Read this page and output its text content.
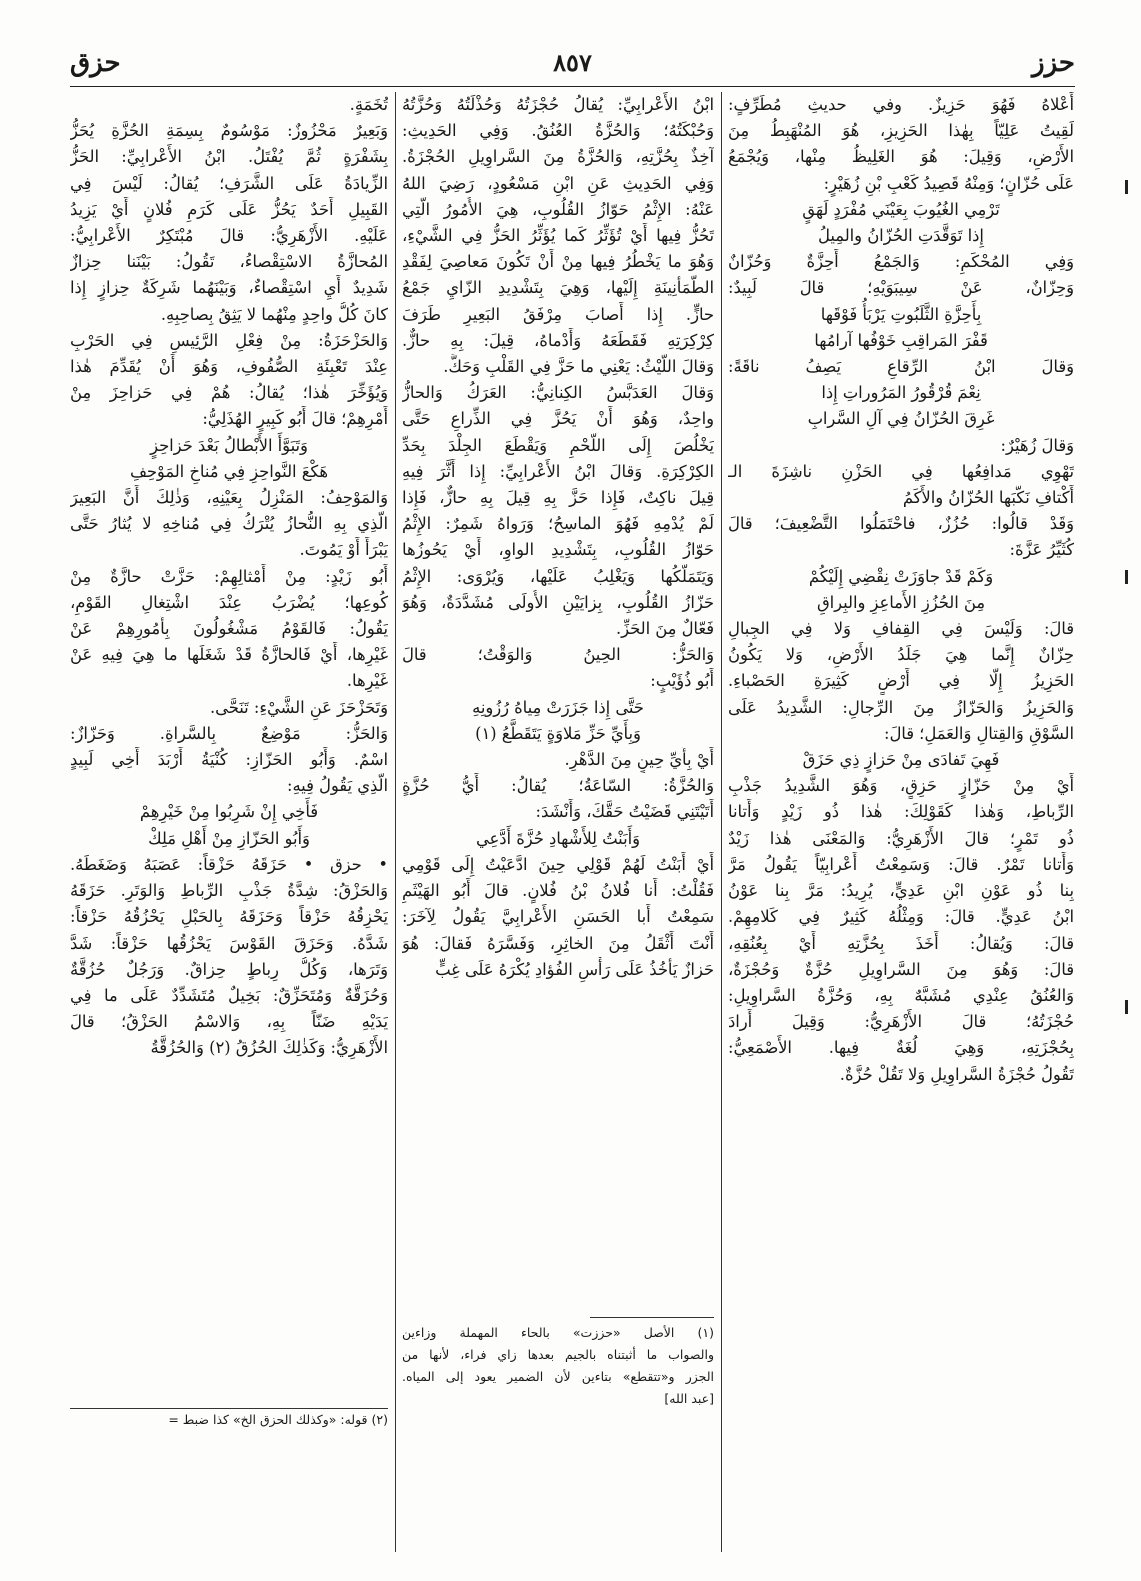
حزز
٨٥٧
حزق
أَعْلاهُ فَهُوَ حَزِيزٌ. وفي حديثِ مُطَرِّفٍ:
لَقِيتُ عَلِيّاً بِهٰذا الحَزِيزِ، هُوَ المُنْهَبِطُ مِنَ
الأَرْضِ، وَقِيلَ: هُوَ الغَلِيظُ مِنْها، وَيُجْمَعُ
عَلَى حُزّانٍ؛ وَمِنْهُ قَصِيدُ كَعْبِ بْنِ زُهَيْرٍ:
تَرْمِي الغُيُوبَ بِعَيْنَي مُفْرَدٍ لَهَقٍ
إِذا تَوَقَّدَتِ الحُزّانُ والمِيلُ
وَفِي المُحْكَمِ: وَالجَمْعُ أَحِزَّةٌ وَحُزّانٌ
وَحِزّانٌ، عَنْ سِيبَوَيْهِ؛ قالَ لَبِيدٌ:
بِأَحِزَّةِ الثَّلَبُوتِ يَرْبَأُ فَوْقَها
قَفْرَ المَراقِبِ خَوْفُها آرامُها
وَقالَ ابْنُ الرِّقاعِ يَصِفُ ناقَةً:
نِعْمَ قُرْقُورُ المَرُوراتِ إِذا
غَرِقَ الحُزّانُ فِي آلِ السَّرابِ
وَقالَ زُهَيْرٌ:
تَهْوِي مَدافِعُها فِي الحَزْنِ ناشِزَةَ الـ
أَكْتافِ نَكَّبَها الحُزّانُ والأَكَمُ
وَقَدْ قالُوا: حُزُزٌ، فاحْتَمَلُوا التَّضْعِيفَ؛ قالَ
كُثَيِّرُ عَزَّةَ:
وَكَمْ قَدْ جاوَزَتْ نِقْضِي إِلَيْكُمْ
مِنَ الحُزُزِ الأَماعِزِ والبِراقِ
قالَ: وَلَيْسَ فِي القِفافِ وَلا فِي الجِبالِ
حِزّانٌ إِنَّما هِيَ جَلَدُ الأَرْضِ، وَلا يَكُونُ
الحَزِيزُ إِلّا فِي أَرْضٍ كَثِيرَةِ الحَصْباءِ.
وَالحَزِيزُ وَالحَزّازُ مِنَ الرِّجالِ: الشَّدِيدُ عَلَى
السَّوْقِ وَالقِتالِ وَالعَمَلِ؛ قالَ:
فَهِيَ تَفادَى مِنْ حَزازٍ ذِي حَزَقْ
أَيْ مِنْ حَزّازٍ حَزِقٍ، وَهُوَ الشَّدِيدُ جَذْبِ
الرِّباطِ، وَهٰذا كَقَوْلِكَ: هٰذا ذُو زَيْدٍ وَأَتانا
ذُو تَمْرٍ؛ قالَ الأَزْهَرِيُّ: وَالمَعْنَى هٰذا زَيْدٌ
وَأَتانا تَمْرٌ. قالَ: وَسَمِعْتُ أَعْرابِيّاً يَقُولُ مَرَّ
بِنا ذُو عَوْنِ ابْنِ عَدِيٍّ، يُرِيدُ: مَرَّ بِنا عَوْنُ
ابْنُ عَدِيٍّ. قالَ: وَمِثْلُهُ كَثِيرٌ فِي كَلامِهِمْ.
قالَ: وَيُقالُ: أَخَذَ بِحُزَّتِهِ أَيْ بِعُنُقِهِ،
قالَ: وَهُوَ مِنَ السَّراوِيلِ حُزَّةٌ وَحُجْزَةٌ،
وَالعُنُقُ عِنْدِي مُشَبَّهٌ بِهِ، وَحُزَّةُ السَّراوِيلِ:
حُجْزَتُهُ؛ قالَ الأَزْهَرِيُّ: وَقِيلَ أَرادَ
بِحُجْزَتِهِ، وَهِيَ لُغَةٌ فِيها. الأَصْمَعِيُّ:
تَقُولُ حُجْزَةُ السَّراوِيلِ وَلا تَقُلْ حُزَّةٌ.
ابْنُ الأَعْرابِيِّ: يُقالُ حُجْزَتُهُ وَحُذْلَتُهُ وَحُزَّتُهُ
وَحُبْكَتُهُ؛ وَالحُزَّةُ العُنُقُ. وَفِي الحَدِيثِ:
آخِذٌ بِحُزَّتِهِ، وَالحُزَّةُ مِنَ السَّراوِيلِ الحُجْزَةُ.
وَفِي الحَدِيثِ عَنِ ابْنِ مَسْعُودٍ، رَضِيَ اللهُ
عَنْهُ: الإِثْمُ حَوّازُ القُلُوبِ، هِيَ الأُمُورُ الَّتِي
تَحُزُّ فِيها أَيْ تُؤَثِّرُ كَما يُؤَثِّرُ الحَزُّ فِي الشَّيْءِ،
وَهُوَ ما يَخْطُرُ فِيها مِنْ أَنْ تَكُونَ مَعاصِيَ لِفَقْدِ
الطُّمَأْنِينَةِ إِلَيْها، وَهِيَ بِتَشْدِيدِ الزّايِ جَمْعُ
حازٍّ. إِذا أَصابَ مِرْفَقُ البَعِيرِ طَرَفَ
كِرْكِرَتِهِ فَقَطَعَهُ وَأَدْماهُ، قِيلَ: بِهِ حازٌّ.
وَقالَ اللَّيْثُ: يَعْنِي ما حَزَّ فِي القَلْبِ وَحَكَّ.
وَقالَ العَدَبَّسُ الكِنانِيُّ: العَرَكُ وَالحازُّ
واحِدٌ، وَهُوَ أَنْ يَحُزَّ فِي الذِّراعِ حَتَّى
يَخْلُصَ إِلَى اللَّحْمِ وَيَقْطَعَ الجِلْدَ بِحَدِّ
الكِرْكِرَةِ. وَقالَ ابْنُ الأَعْرابِيِّ: إِذا أَثَّرَ فِيهِ
قِيلَ ناكِتٌ، فَإِذا حَزَّ بِهِ قِيلَ بِهِ حازٌّ، فَإِذا
لَمْ يُدْمِهِ فَهُوَ الماسِحُ؛ وَرَواهُ شَمِرٌ: الإِثْمُ
حَوّازُ القُلُوبِ، بِتَشْدِيدِ الواوِ، أَيْ يَحُوزُها
وَيَتَمَلَّكُها وَيَغْلِبُ عَلَيْها، وَيُرْوَى: الإِثْمُ
حَزّازُ القُلُوبِ، بِزايَيْنِ الأُولَى مُشَدَّدَةٌ، وَهُوَ
فَعّالٌ مِنَ الحَزِّ.
وَالحَزُّ: الحِينُ وَالوَقْتُ؛ قالَ
أَبُو ذُؤَيْبٍ:
حَتَّى إِذا جَزَرَتْ مِياهُ رُزُونِهِ
وَبِأَيِّ حَزِّ مَلاوَةٍ يَتَقَطَّعُ (١)
أَيْ بِأَيِّ حِينٍ مِنَ الدَّهْرِ.
وَالحُزَّةُ: السّاعَةُ؛ يُقالُ: أَيُّ حُزَّةٍ
أَتَيْتَنِي قَضَيْتُ حَقَّكَ، وَأَنْشَدَ:
وَأَبَنْتُ لِلأَشْهادِ حُزَّةَ أَدَّعِي
أَيْ أَبَنْتُ لَهُمْ قَوْلِي حِينَ ادَّعَيْتُ إِلَى قَوْمِي
فَقُلْتُ: أَنا فُلانُ بْنُ فُلانٍ. قالَ أَبُو الهَيْثَمِ
سَمِعْتُ أَبا الحَسَنِ الأَعْرابِيَّ يَقُولُ لِآخَرَ:
أَنْتَ أَثْقَلُ مِنَ الخاثِرِ، وَفَسَّرَهُ فَقالَ: هُوَ
حَزازٌ يَأْخُذُ عَلَى رَأْسِ الفُؤادِ يُكْرَهُ عَلَى غِبٍّ
تُخَمَةٍ.
وَبَعِيرٌ مَحْزُوزٌ: مَوْسُومٌ بِسِمَةِ الحُزَّةِ يُحَزُّ
بِشَفْرَةٍ ثُمَّ يُفْتَلُ. ابْنُ الأَعْرابِيِّ: الحَزُّ
الزِّيادَةُ عَلَى الشَّرَفِ؛ يُقالُ: لَيْسَ فِي
القَبِيلِ أَحَدٌ يَحُزُّ عَلَى كَرَمِ فُلانٍ أَيْ يَزِيدُ
عَلَيْهِ. الأَزْهَرِيُّ: قالَ مُبْتَكِرٌ الأَعْرابِيُّ:
المُحازَّةُ الاسْتِقْصاءُ، تَقُولُ: بَيْنَنا حِزازٌ
شَدِيدٌ أَيِ اسْتِقْصاءٌ، وَبَيْنَهُما شَرِكَةٌ حِزازٍ إِذا
كانَ كُلُّ واحِدٍ مِنْهُما لا يَثِقُ بِصاحِبِهِ.
وَالحَزْحَزَةُ: مِنْ فِعْلِ الرَّئِيسِ فِي الحَرْبِ
عِنْدَ تَعْبِئَةِ الصُّفُوفِ، وَهُوَ أَنْ يُقَدِّمَ هٰذا
وَيُؤَخِّرَ هٰذا؛ يُقالُ: هُمْ فِي حَزاحِزَ مِنْ
أَمْرِهِمْ؛ قالَ أَبُو كَبِيرٍ الهُذَلِيُّ:
وَتَبَوَّأَ الأَبْطالُ بَعْدَ حَزاحِزٍ
هَكْعَ النَّواحِزِ فِي مُناخِ المَوْحِفِ
وَالمَوْحِفُ: المَنْزِلُ بِعَيْنِهِ، وَذٰلِكَ أَنَّ البَعِيرَ
الَّذِي بِهِ النُّحازُ يُتْرَكُ فِي مُناخِهِ لا يُثارُ حَتَّى
يَبْرَأَ أَوْ يَمُوتَ.
أَبُو زَيْدٍ: مِنْ أَمْثالِهِمْ: حَزَّتْ حازَّةٌ مِنْ
كُوعِها؛ يُضْرَبُ عِنْدَ اشْتِغالِ القَوْمِ،
يَقُولُ: فَالقَوْمُ مَشْغُولُونَ بِأُمُورِهِمْ عَنْ
غَيْرِها، أَيْ فَالحازَّةُ قَدْ شَغَلَها ما هِيَ فِيهِ عَنْ
غَيْرِها.
وَتَحَزْحَزَ عَنِ الشَّيْءِ: تَنَحَّى.
وَالحَزُّ: مَوْضِعٌ بِالسَّراةِ. وَحَزّازٌ:
اسْمٌ. وَأَبُو الحَزّازِ: كُنْيَةُ أَرْبَدَ أَخِي لَبِيدٍ
الَّذِي يَقُولُ فِيهِ:
فَأَخِي إِنْ شَرِبُوا مِنْ خَيْرِهِمْ
وَأَبُو الحَزّازِ مِنْ أَهْلِ مَلِكْ
• حزق • حَزَقَهُ حَزْقاً: عَصَبَهُ وَضَغَطَهُ.
وَالحَزْقُ: شِدَّةُ جَذْبِ الرِّباطِ وَالوَتَرِ. حَزَقَهُ
يَحْزِقُهُ حَزْقاً وَحَزَقَهُ بِالحَبْلِ يَحْزُقُهُ حَزْقاً:
شَدَّهُ. وَحَزَقَ القَوْسَ يَحْزُقُها حَزْقاً: شَدَّ
وَتَرَها، وَكُلُّ رِباطٍ حِزاقٌ. وَرَجُلٌ حُزُقَّةٌ
وَحُزَقَّةٌ وَمُتَحَزِّقٌ: بَخِيلٌ مُتَشَدِّدٌ عَلَى ما فِي
يَدَيْهِ ضَنّاً بِهِ، وَالاسْمُ الحَزْقُ؛ قالَ
الأَزْهَرِيُّ: وَكَذٰلِكَ الحُزُقُ (٢) وَالحُزُقَّةُ
(١) الأصل «حززت» بالحاء المهملة وزاءين
والصواب ما أثبتناه بالجيم بعدها زاي فراء، لأنها من
الجزر و«تتقطع» بتاءين لأن الضمير يعود إلى المياه.
[عبد الله]
(٢) قوله: «وكذلك الحزق الخ» كذا ضبط =
